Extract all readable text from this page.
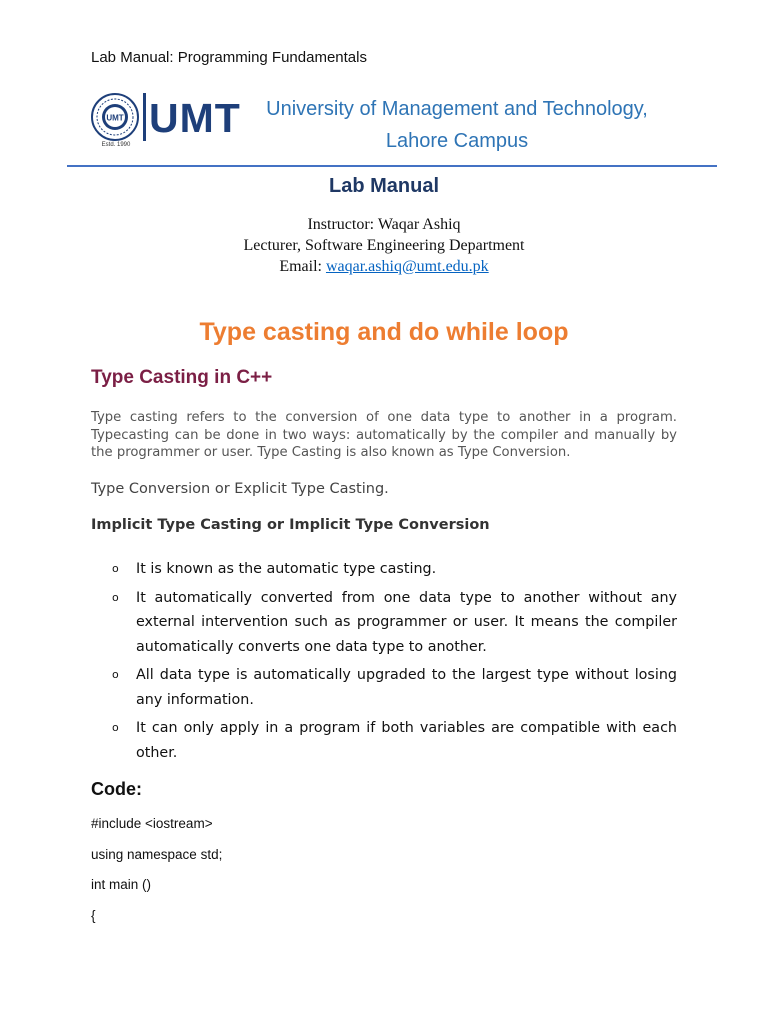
Lab Manual: Programming Fundamentals
UMT
Estd. 1990
UMT	University of Management and Technology,
Lahore Campus
Lab Manual
Instructor: Waqar Ashiq
Lecturer, Software Engineering Department
Email: waqar.ashiq@umt.edu.pk
Type casting and do while loop
Type Casting in C++
Type casting refers to the conversion of one data type to another in a program. Typecasting can be done in two ways: automatically by the compiler and manually by the programmer or user. Type Casting is also known as Type Conversion.
Type Conversion or Explicit Type Casting.
Implicit Type Casting or Implicit Type Conversion
o It is known as the automatic type casting.
o It automatically converted from one data type to another without any external intervention such as programmer or user. It means the compiler automatically converts one data type to another.
o All data type is automatically upgraded to the largest type without losing any information.
o It can only apply in a program if both variables are compatible with each other.
Code:
#include <iostream>
using namespace std;
int main ()
{
